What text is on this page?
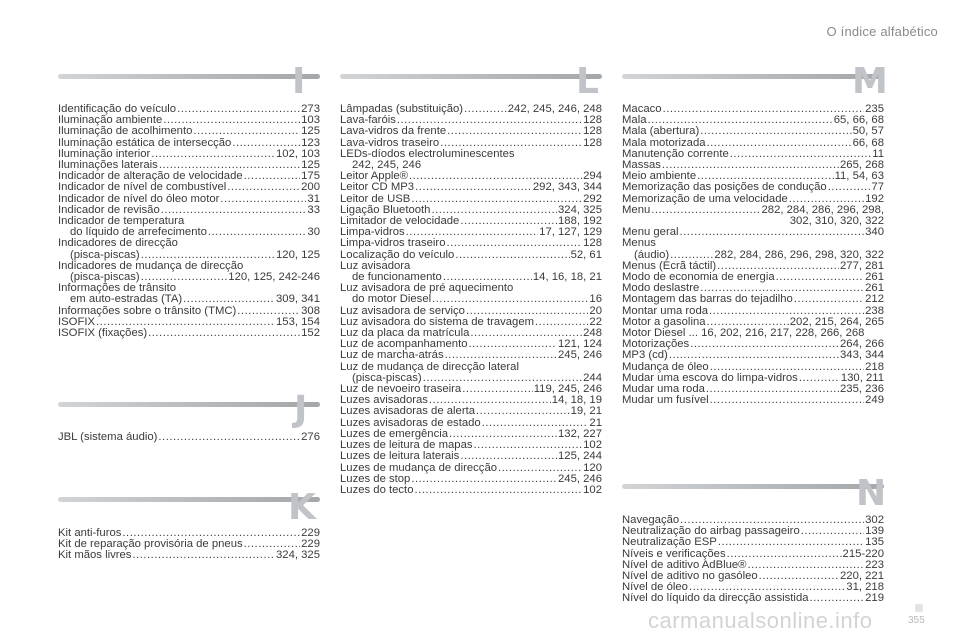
O índice alfabético
I
Identificação do veículo .....	273
Iluminação ambiente .....	103
Iluminação de acolhimento .....	125
Iluminação estática de intersecção .....	123
Iluminação interior .....	102, 103
Iluminações laterais .....	125
Indicador de alteração de velocidade .....	175
Indicador de nível de combustível .....	200
Indicador de nível do óleo motor .....	31
Indicador de revisão .....	33
Indicador de temperatura
do líquido de arrefecimento .....	30
Indicadores de direcção
(pisca-piscas) .....	120, 125
Indicadores de mudança de direcção
(pisca-piscas) .....	120, 125, 242-246
Informações de trânsito
em auto-estradas (TA) .....	309, 341
Informações sobre o trânsito (TMC) .....	308
ISOFIX .....	153, 154
ISOFIX (fixações) .....	152
J
JBL (sistema áudio) .....	276
K
Kit anti-furos .....	229
Kit de reparação provisória de pneus .....	229
Kit mãos livres .....	324, 325
L
Lâmpadas (substituição) .....	242, 245, 246, 248
Lava-faróis .....	128
Lava-vidros da frente .....	128
Lava-vidros traseiro .....	128
LEDs-díodos electroluminescentes
242, 245, 246
Leitor Apple® .....	294
Leitor CD MP3 .....	292, 343, 344
Leitor de USB .....	292
Ligação Bluetooth .....	324, 325
Limitador de velocidade .....	188, 192
Limpa-vidros .....	17, 127, 129
Limpa-vidros traseiro .....	128
Localização do veículo .....	52, 61
Luz avisadora
de funcionamento .....	14, 16, 18, 21
Luz avisadora de pré aquecimento
do motor Diesel .....	16
Luz avisadora de serviço .....	20
Luz avisadora do sistema de travagem .....	22
Luz da placa da matrícula .....	248
Luz de acompanhamento .....	121, 124
Luz de marcha-atrás .....	245, 246
Luz de mudança de direcção lateral
(pisca-piscas) .....	244
Luz de nevoeiro traseira .....	119, 245, 246
Luzes avisadoras .....	14, 18, 19
Luzes avisadoras de alerta .....	19, 21
Luzes avisadoras de estado .....	21
Luzes de emergência .....	132, 227
Luzes de leitura de mapas .....	102
Luzes de leitura laterais .....	125, 244
Luzes de mudança de direcção .....	120
Luzes de stop .....	245, 246
Luzes do tecto .....	102
M
Macaco .....	235
Mala .....	65, 66, 68
Mala (abertura) .....	50, 57
Mala motorizada .....	66, 68
Manutenção corrente .....	11
Massas .....	265, 268
Meio ambiente .....	11, 54, 63
Memorização das posições de condução .....	77
Memorização de uma velocidade .....	192
Menu .....	282, 284, 286, 296, 298,
302, 310, 320, 322
Menu geral .....	340
Menus
(áudio) .....	282, 284, 286, 296, 298, 320, 322
Menus (Ecrã táctil) .....	277, 281
Modo de economia de energia .....	261
Modo deslastre .....	261
Montagem das barras do tejadilho .....	212
Montar uma roda .....	238
Motor a gasolina .....	202, 215, 264, 265
Motor Diesel ... 16, 202, 216, 217, 228, 266, 268
Motorizações .....	264, 266
MP3 (cd) .....	343, 344
Mudança de óleo .....	218
Mudar uma escova do limpa-vidros .....	130, 211
Mudar uma roda .....	235, 236
Mudar um fusível .....	249
N
Navegação .....	302
Neutralização do airbag passageiro .....	139
Neutralização ESP .....	135
Níveis e verificações .....	215-220
Nível de aditivo AdBlue® .....	223
Nível de aditivo no gasóleo .....	220, 221
Nível de óleo .....	31, 218
Nível do líquido da direcção assistida .....	219
355
carmanualsonline.info
